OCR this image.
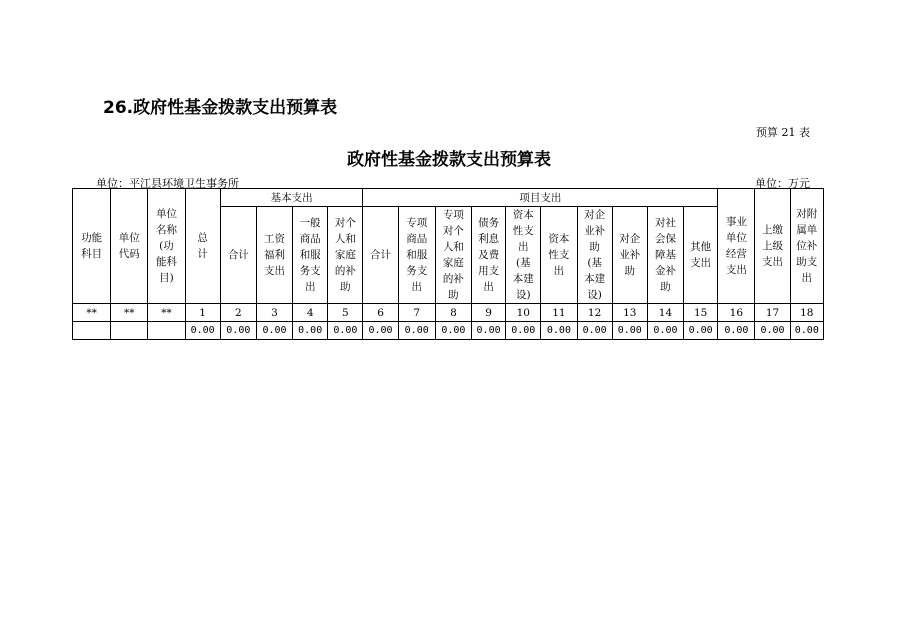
26.政府性基金拨款支出预算表
预算 21 表
政府性基金拨款支出预算表
单位：平江县环境卫生事务所	单位：万元
功能科目	单位代码	单位名称(功能科目)	总计	基本支出				项目支出										事业单位经营支出	上缴上级支出	对附属单位补助支出
				合计	工资福利支出	一般商品和服务支出	对个人和家庭的补助	合计	专项商品和服务支出	专项对个人和家庭的补助	债务利息及费用支出	资本性支出(基本建设)	资本性支出	对企业补助(基本建设)	对企业补助	对社会保障基金补助	其他支出			
**	**	**	1	2	3	4	5	6	7	8	9	10	11	12	13	14	15	16	17	18
			0.00	0.00	0.00	0.00	0.00	0.00	0.00	0.00	0.00	0.00	0.00	0.00	0.00	0.00	0.00	0.00	0.00	0.00
